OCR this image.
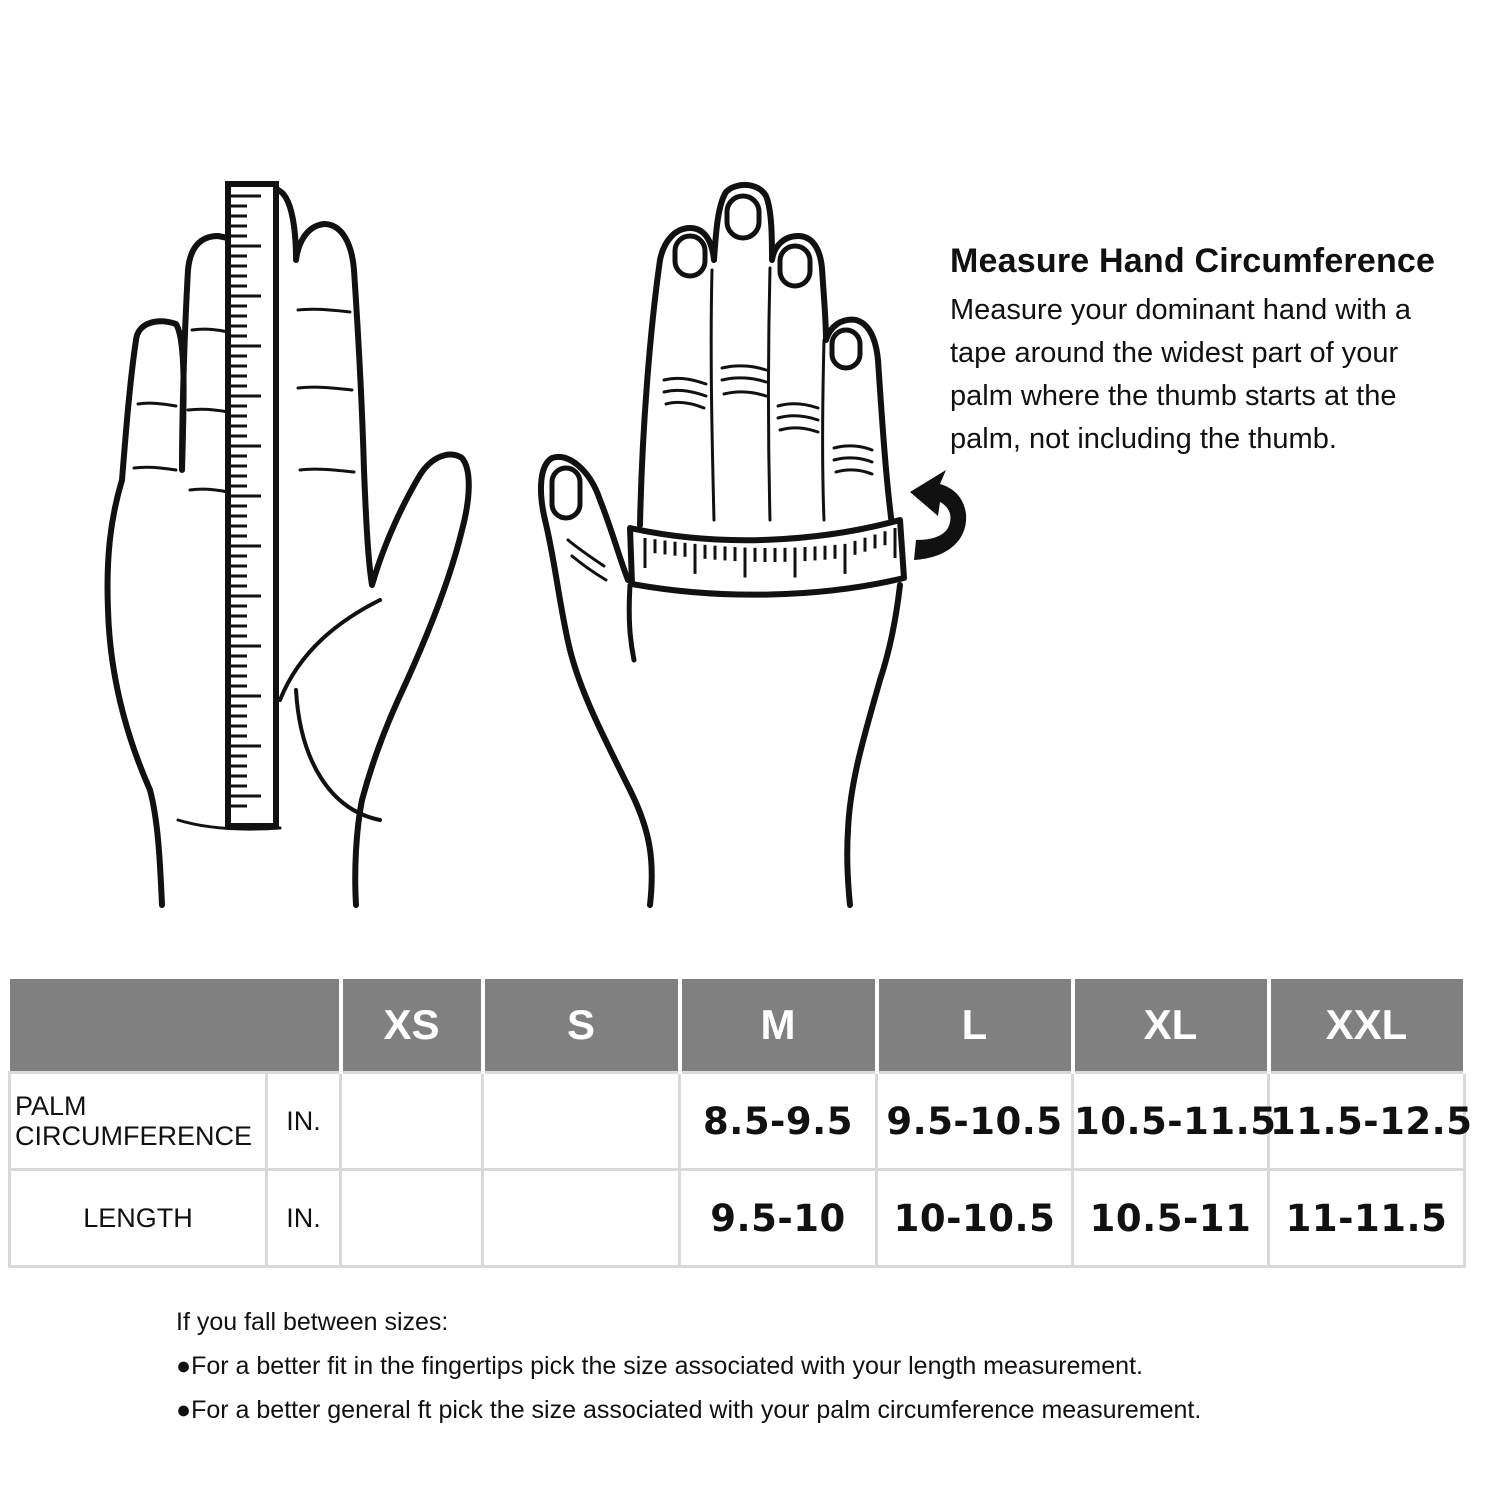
Measure Hand Circumference

Measure your dominant hand with a

tape around the widest part of your

palm where the thumb starts at the

palm, not including the thumb.

		XS	S	M	L	XL	XXL
PALM
CIRCUMFERENCE	IN.			8.5-9.5	9.5-10.5	10.5-11.5	11.5-12.5
LENGTH	IN.			9.5-10	10-10.5	10.5-11	11-11.5
If you fall between sizes:
●For a better fit in the fingertips pick the size associated with your length measurement.
●For a better general ft pick the size associated with your palm circumference measurement.
